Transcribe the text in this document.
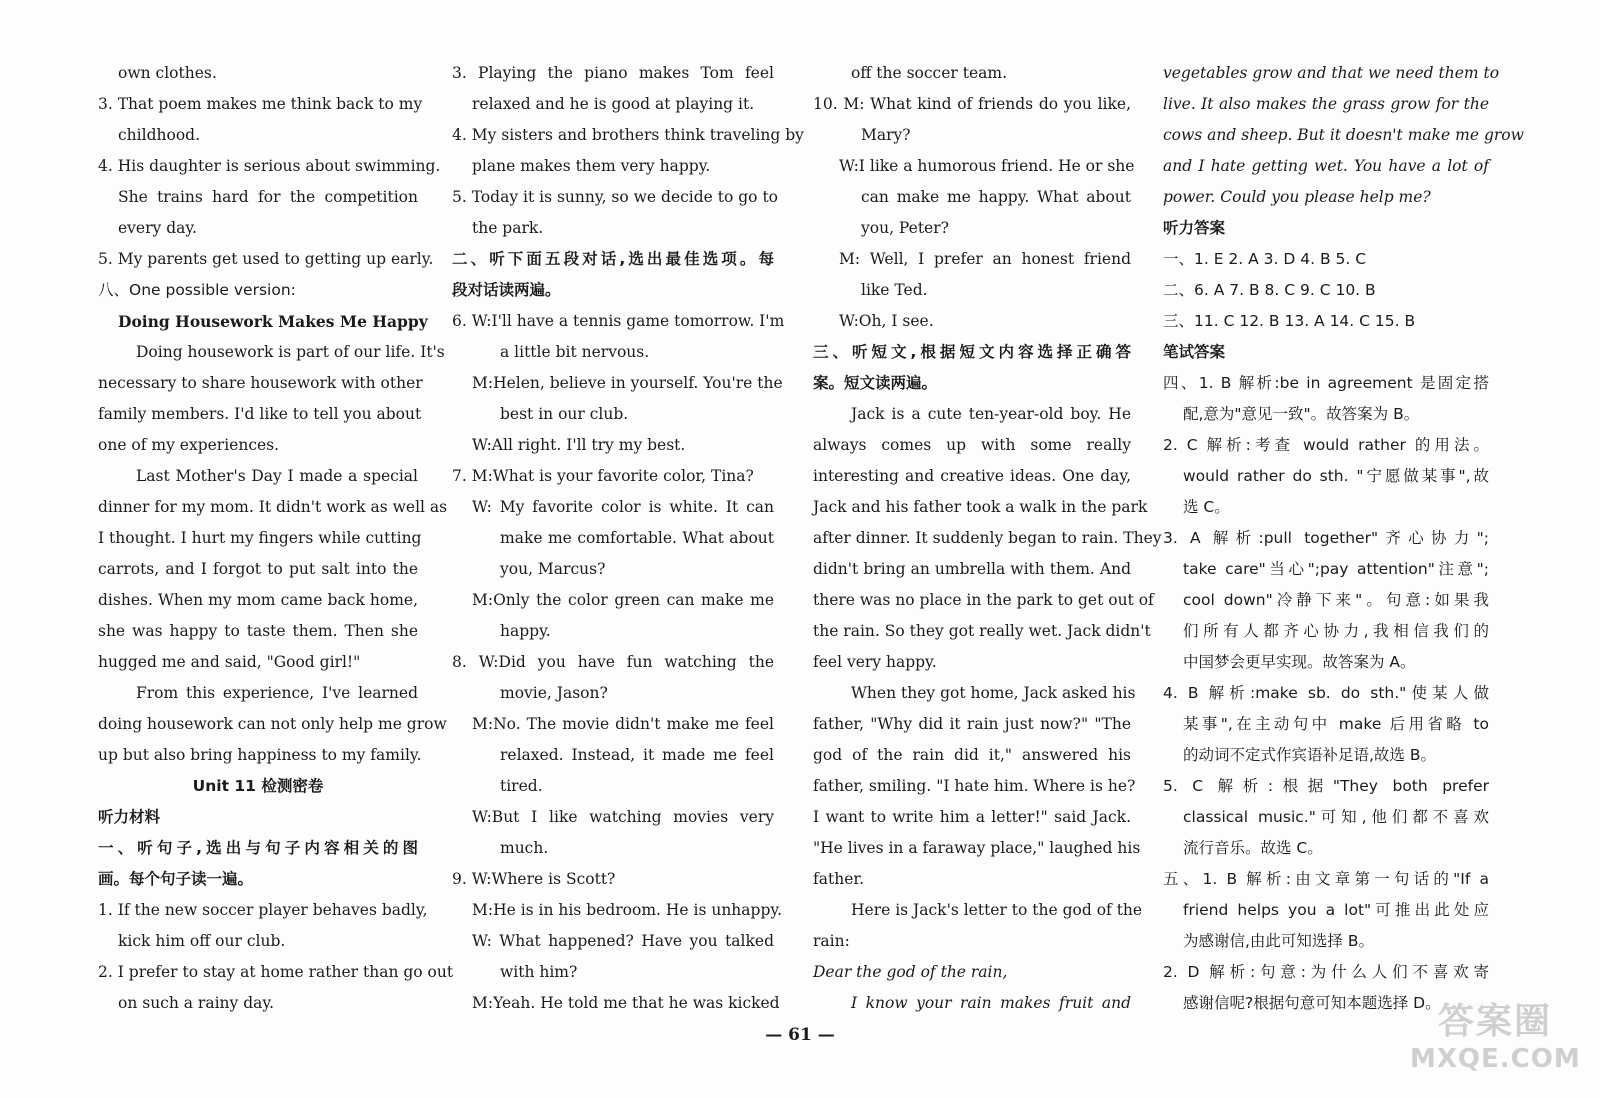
own clothes.
3. That poem makes me think back to my
childhood.
4. His daughter is serious about swimming.
She trains hard for the competition
every day.
5. My parents get used to getting up early.
八、One possible version:
Doing Housework Makes Me Happy
Doing housework is part of our life. It's
necessary to share housework with other
family members. I'd like to tell you about
one of my experiences.
Last Mother's Day I made a special
dinner for my mom. It didn't work as well as
I thought. I hurt my fingers while cutting
carrots, and I forgot to put salt into the
dishes. When my mom came back home,
she was happy to taste them. Then she
hugged me and said, "Good girl!"
From this experience, I've learned
doing housework can not only help me grow
up but also bring happiness to my family.
Unit 11 检测密卷
听力材料
一、听句子,选出与句子内容相关的图
画。每个句子读一遍。
1. If the new soccer player behaves badly,
kick him off our club.
2. I prefer to stay at home rather than go out
on such a rainy day.
3. Playing the piano makes Tom feel
relaxed and he is good at playing it.
4. My sisters and brothers think traveling by
plane makes them very happy.
5. Today it is sunny, so we decide to go to
the park.
二、听下面五段对话,选出最佳选项。每
段对话读两遍。
6. W:I'll have a tennis game tomorrow. I'm
a little bit nervous.
M:Helen, believe in yourself. You're the
best in our club.
W:All right. I'll try my best.
7. M:What is your favorite color, Tina?
W: My favorite color is white. It can
make me comfortable. What about
you, Marcus?
M:Only the color green can make me
happy.
8. W:Did you have fun watching the
movie, Jason?
M:No. The movie didn't make me feel
relaxed. Instead, it made me feel
tired.
W:But I like watching movies very
much.
9. W:Where is Scott?
M:He is in his bedroom. He is unhappy.
W: What happened? Have you talked
with him?
M:Yeah. He told me that he was kicked
off the soccer team.
10. M: What kind of friends do you like,
Mary?
W:I like a humorous friend. He or she
can make me happy. What about
you, Peter?
M: Well, I prefer an honest friend
like Ted.
W:Oh, I see.
三、听短文,根据短文内容选择正确答
案。短文读两遍。
Jack is a cute ten-year-old boy. He
always comes up with some really
interesting and creative ideas. One day,
Jack and his father took a walk in the park
after dinner. It suddenly began to rain. They
didn't bring an umbrella with them. And
there was no place in the park to get out of
the rain. So they got really wet. Jack didn't
feel very happy.
When they got home, Jack asked his
father, "Why did it rain just now?" "The
god of the rain did it," answered his
father, smiling. "I hate him. Where is he?
I want to write him a letter!" said Jack.
"He lives in a faraway place," laughed his
father.
Here is Jack's letter to the god of the
rain:
Dear the god of the rain,
I know your rain makes fruit and
vegetables grow and that we need them to
live. It also makes the grass grow for the
cows and sheep. But it doesn't make me grow
and I hate getting wet. You have a lot of
power. Could you please help me?
听力答案
一、1. E 2. A 3. D 4. B 5. C
二、6. A 7. B 8. C 9. C 10. B
三、11. C 12. B 13. A 14. C 15. B
笔试答案
四、1. B 解析:be in agreement 是固定搭
配,意为"意见一致"。故答案为 B。
2. C 解析:考查 would rather 的用法。
would rather do sth. "宁愿做某事",故
选 C。
3. A 解析:pull together"齐心协力";
take care"当心";pay attention"注意";
cool down"冷静下来"。句意:如果我
们所有人都齐心协力,我相信我们的
中国梦会更早实现。故答案为 A。
4. B 解析:make sb. do sth."使某人做
某事",在主动句中 make 后用省略 to
的动词不定式作宾语补足语,故选 B。
5. C 解析:根据"They both prefer
classical music."可知,他们都不喜欢
流行音乐。故选 C。
五、1. B 解析:由文章第一句话的"If a
friend helps you a lot"可推出此处应
为感谢信,由此可知选择 B。
2. D 解析:句意:为什么人们不喜欢寄
感谢信呢?根据句意可知本题选择 D。
— 61 —	答案圈
MXQE.COM
